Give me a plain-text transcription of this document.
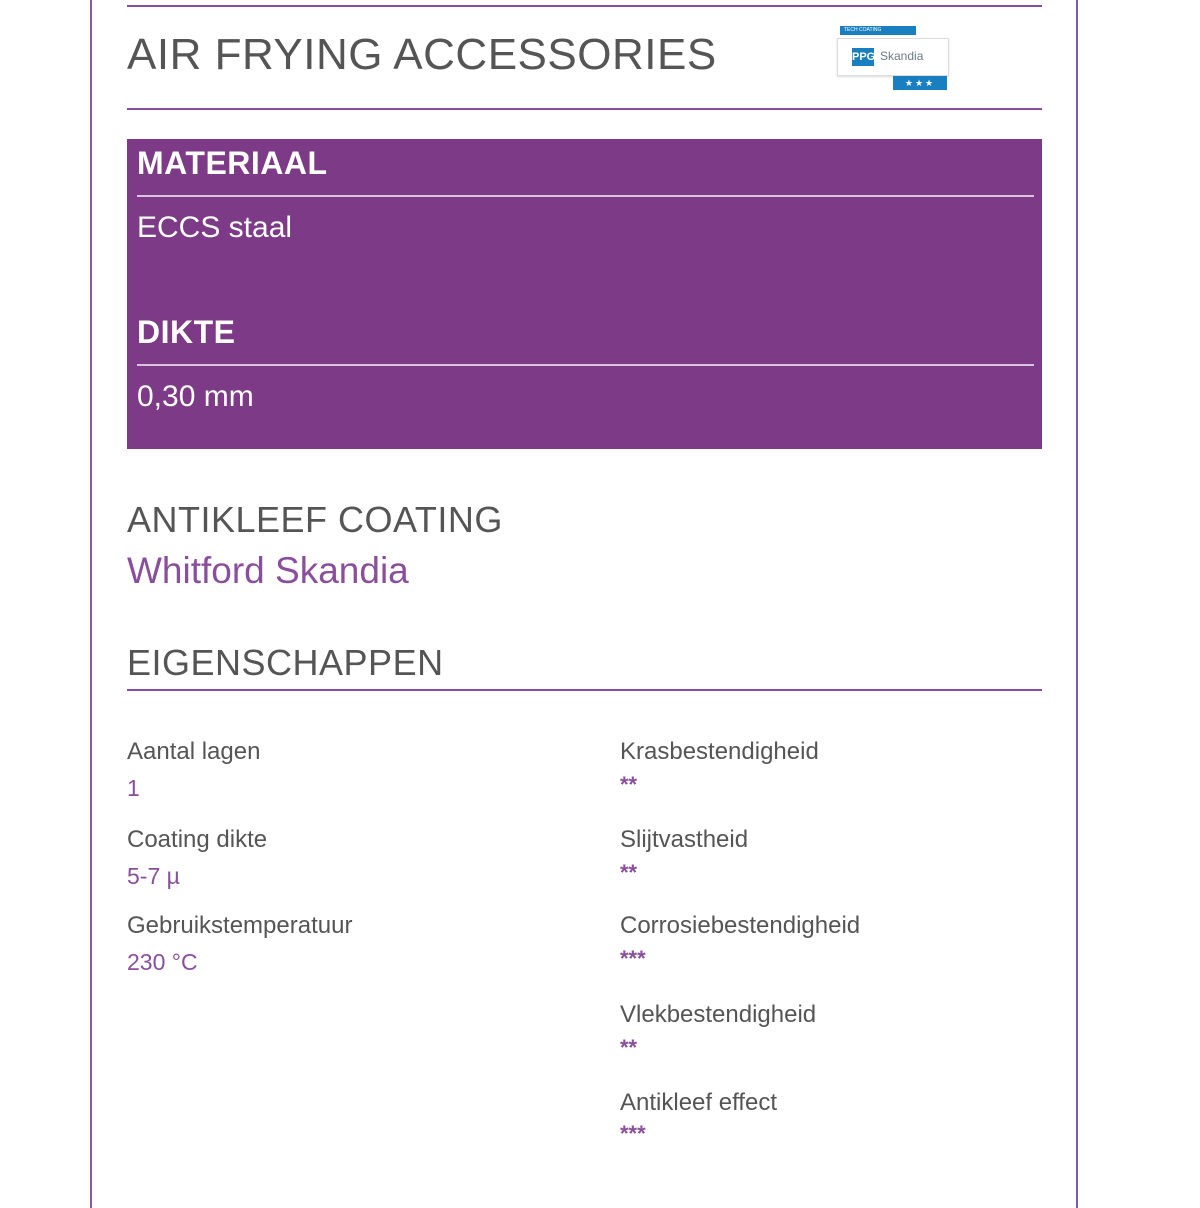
AIR FRYING ACCESSORIES	TECH COATING
PPG Skandia
★★★
MATERIAAL
ECCS staal
DIKTE
0,30 mm
ANTIKLEEF COATING
Whitford Skandia
EIGENSCHAPPEN
Aantal lagen
1
Coating dikte
5-7 µ
Gebruikstemperatuur
230 °C
Krasbestendigheid
**
Slijtvastheid
**
Corrosiebestendigheid
***
Vlekbestendigheid
**
Antikleef effect
***
